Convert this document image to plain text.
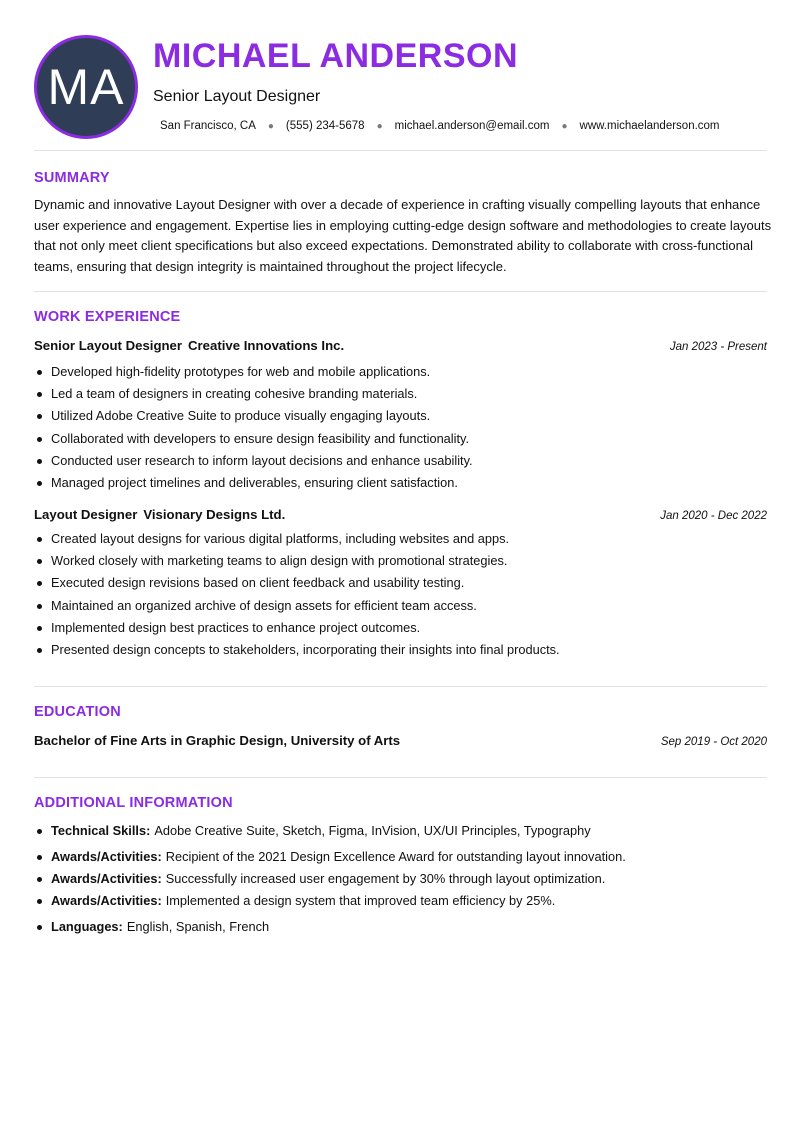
MA
MICHAEL ANDERSON
Senior Layout Designer
San Francisco, CA ● (555) 234-5678 ● michael.anderson@email.com ● www.michaelanderson.com
SUMMARY

Dynamic and innovative Layout Designer with over a decade of experience in crafting visually compelling layouts that enhance user experience and engagement. Expertise lies in employing cutting-edge design software and methodologies to create layouts that not only meet client specifications but also exceed expectations. Demonstrated ability to collaborate with cross-functional teams, ensuring that design integrity is maintained throughout the project lifecycle.

WORK EXPERIENCE
Senior Layout Designer Creative Innovations Inc.	Jan 2023 - Present
Developed high-fidelity prototypes for web and mobile applications.
Led a team of designers in creating cohesive branding materials.
Utilized Adobe Creative Suite to produce visually engaging layouts.
Collaborated with developers to ensure design feasibility and functionality.
Conducted user research to inform layout decisions and enhance usability.
Managed project timelines and deliverables, ensuring client satisfaction.
Layout Designer Visionary Designs Ltd.	Jan 2020 - Dec 2022
Created layout designs for various digital platforms, including websites and apps.
Worked closely with marketing teams to align design with promotional strategies.
Executed design revisions based on client feedback and usability testing.
Maintained an organized archive of design assets for efficient team access.
Implemented design best practices to enhance project outcomes.
Presented design concepts to stakeholders, incorporating their insights into final products.
EDUCATION
Bachelor of Fine Arts in Graphic Design, University of Arts	Sep 2019 - Oct 2020
ADDITIONAL INFORMATION
Technical Skills: Adobe Creative Suite, Sketch, Figma, InVision, UX/UI Principles, Typography
Awards/Activities: Recipient of the 2021 Design Excellence Award for outstanding layout innovation.
Awards/Activities: Successfully increased user engagement by 30% through layout optimization.
Awards/Activities: Implemented a design system that improved team efficiency by 25%.
Languages: English, Spanish, French
